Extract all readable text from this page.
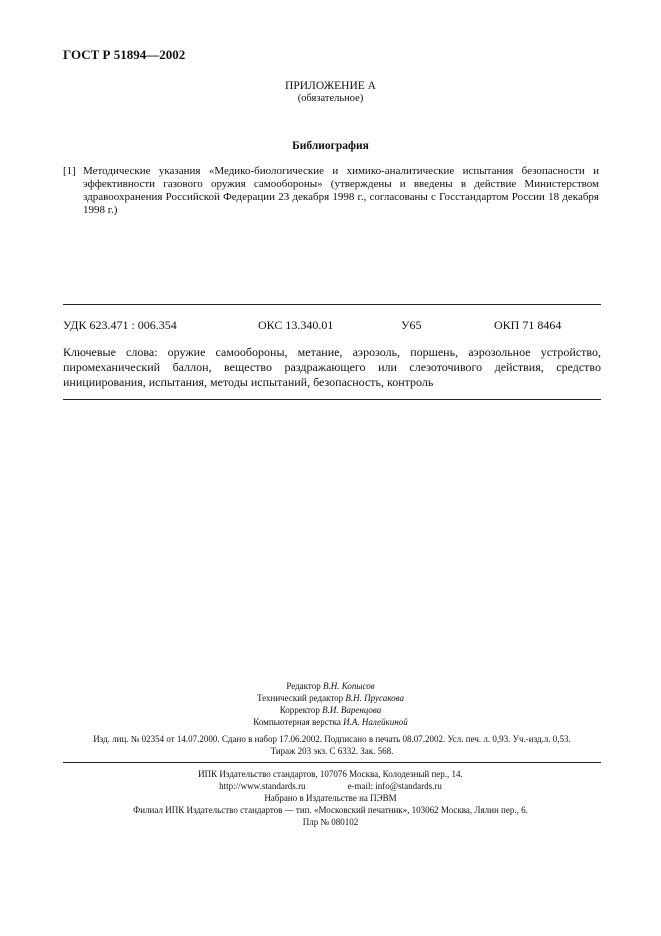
ГОСТ Р 51894—2002
ПРИЛОЖЕНИЕ А
(обязательное)
Библиография
[1] Методические указания «Медико-биологические и химико-аналитические испытания безопасности и эффективности газового оружия самообороны» (утверждены и введены в действие Министерством здравоохранения Российской Федерации 23 декабря 1998 г., согласованы с Госстандартом России 18 декабря 1998 г.)
УДК 623.471 : 006.354	ОКС 13.340.01	У65	ОКП 71 8464
Ключевые слова: оружие самообороны, метание, аэрозоль, поршень, аэрозольное устройство, пиромеханический баллон, вещество раздражающего или слезоточивого действия, средство инициирования, испытания, методы испытаний, безопасность, контроль
Редактор В.Н. Копысов
Технический редактор В.Н. Прусакова
Корректор В.И. Варенцова
Компьютерная верстка И.А. Налейкиной
Изд. лиц. № 02354 от 14.07.2000. Сдано в набор 17.06.2002. Подписано в печать 08.07.2002. Усл. печ. л. 0,93. Уч.-изд.л. 0,53.
Тираж 203 экз. С 6332. Зак. 568.
ИПК Издательство стандартов, 107076 Москва, Колодезный пер., 14.
http://www.standards.ru	e-mail: info@standards.ru
Набрано в Издательстве на ПЭВМ
Филиал ИПК Издательство стандартов — тип. «Московский печатник», 103062 Москва, Лялин пер., 6.
Плр № 080102
